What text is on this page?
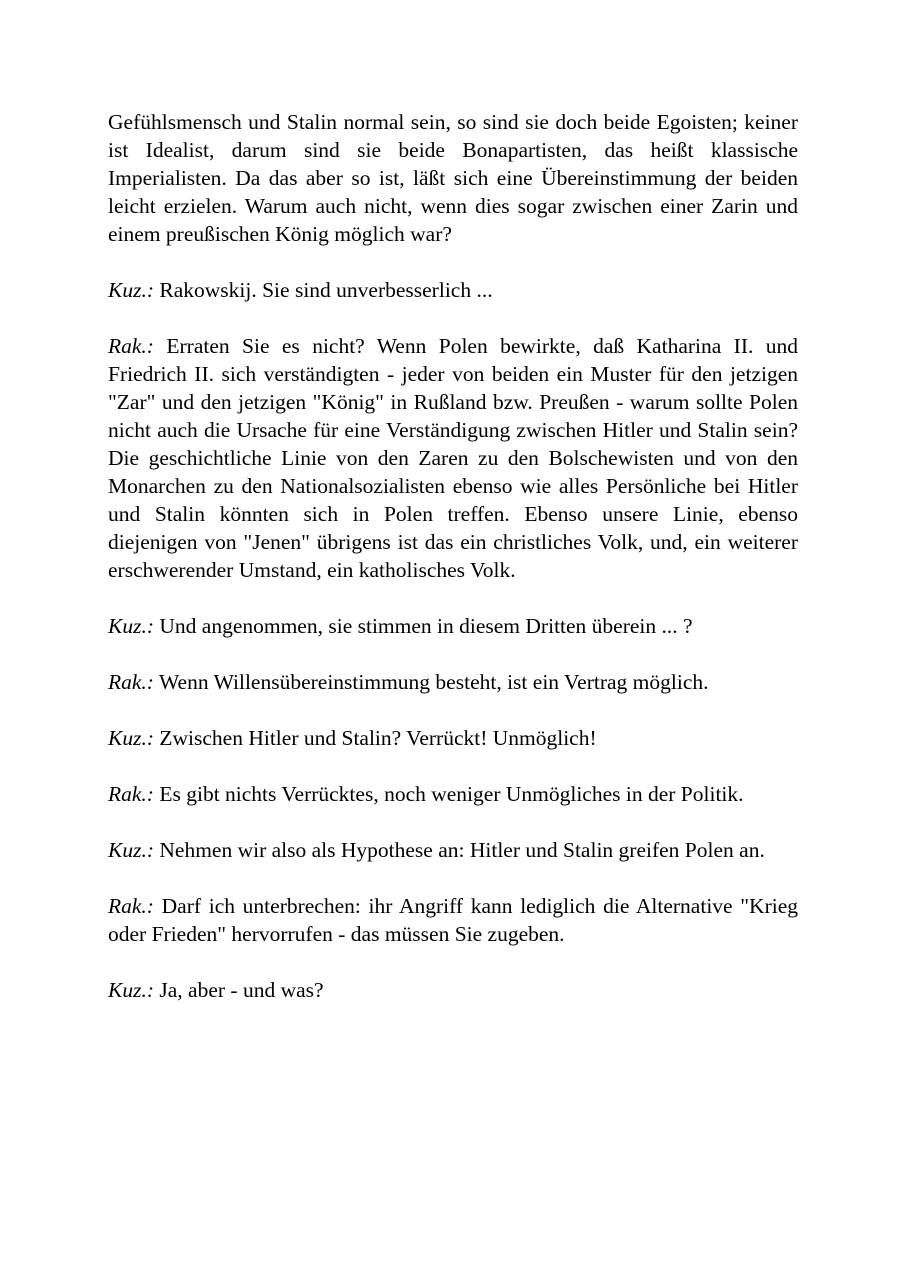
Gefühlsmensch und Stalin normal sein, so sind sie doch beide Egoisten; keiner ist Idealist, darum sind sie beide Bonapartisten, das heißt klassische Imperialisten. Da das aber so ist, läßt sich eine Übereinstimmung der beiden leicht erzielen. Warum auch nicht, wenn dies sogar zwischen einer Zarin und einem preußischen König möglich war?

Kuz.: Rakowskij. Sie sind unverbesserlich ...

Rak.: Erraten Sie es nicht? Wenn Polen bewirkte, daß Katharina II. und Friedrich II. sich verständigten - jeder von beiden ein Muster für den jetzigen "Zar" und den jetzigen "König" in Rußland bzw. Preußen - warum sollte Polen nicht auch die Ursache für eine Verständigung zwischen Hitler und Stalin sein? Die geschichtliche Linie von den Zaren zu den Bolschewisten und von den Monarchen zu den Nationalsozialisten ebenso wie alles Persönliche bei Hitler und Stalin könnten sich in Polen treffen. Ebenso unsere Linie, ebenso diejenigen von "Jenen" übrigens ist das ein christliches Volk, und, ein weiterer erschwerender Umstand, ein katholisches Volk.

Kuz.: Und angenommen, sie stimmen in diesem Dritten überein ... ?

Rak.: Wenn Willensübereinstimmung besteht, ist ein Vertrag möglich.

Kuz.: Zwischen Hitler und Stalin? Verrückt! Unmöglich!

Rak.: Es gibt nichts Verrücktes, noch weniger Unmögliches in der Politik.

Kuz.: Nehmen wir also als Hypothese an: Hitler und Stalin greifen Polen an.

Rak.: Darf ich unterbrechen: ihr Angriff kann lediglich die Alternative "Krieg oder Frieden" hervorrufen - das müssen Sie zugeben.

Kuz.: Ja, aber - und was?
